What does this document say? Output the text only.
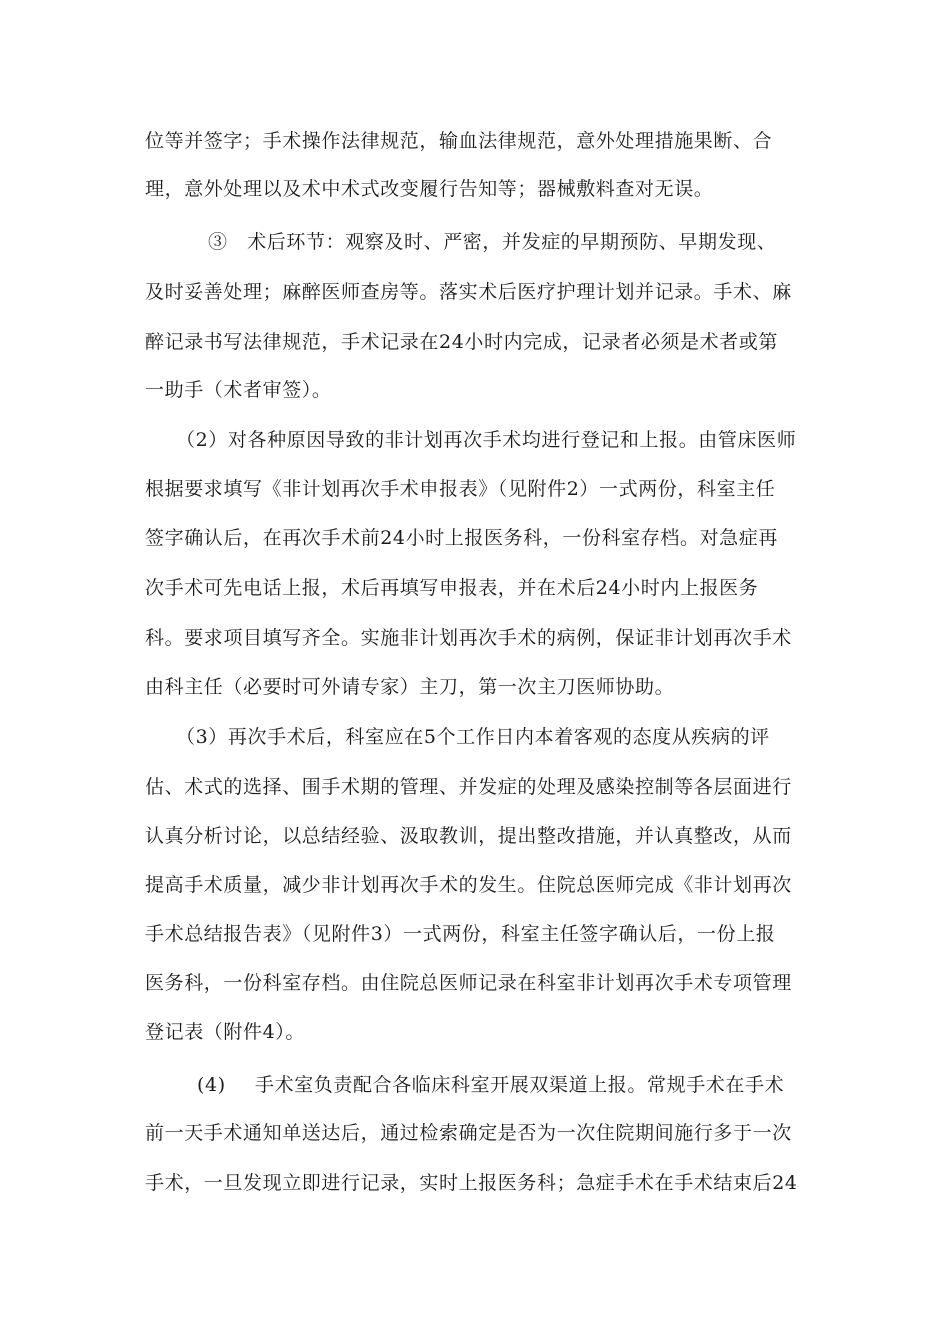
位等并签字；手术操作法律规范，输血法律规范，意外处理措施果断、合
理，意外处理以及术中术式改变履行告知等；器械敷料查对无误。
③　术后环节：观察及时、严密，并发症的早期预防、早期发现、
及时妥善处理；麻醉医师查房等。落实术后医疗护理计划并记录。手术、麻
醉记录书写法律规范，手术记录在24小时内完成，记录者必须是术者或第
一助手（术者审签）。
（2）对各种原因导致的非计划再次手术均进行登记和上报。由管床医师
根据要求填写《非计划再次手术申报表》（见附件2）一式两份，科室主任
签字确认后，在再次手术前24小时上报医务科，一份科室存档。对急症再
次手术可先电话上报，术后再填写申报表，并在术后24小时内上报医务
科。要求项目填写齐全。实施非计划再次手术的病例，保证非计划再次手术
由科主任（必要时可外请专家）主刀，第一次主刀医师协助。
（3）再次手术后，科室应在5个工作日内本着客观的态度从疾病的评
估、术式的选择、围手术期的管理、并发症的处理及感染控制等各层面进行
认真分析讨论，以总结经验、汲取教训，提出整改措施，并认真整改，从而
提高手术质量，减少非计划再次手术的发生。住院总医师完成《非计划再次
手术总结报告表》（见附件3）一式两份，科室主任签字确认后，一份上报
医务科，一份科室存档。由住院总医师记录在科室非计划再次手术专项管理
登记表（附件4）。
(4) 手术室负责配合各临床科室开展双渠道上报。常规手术在手术
前一天手术通知单送达后，通过检索确定是否为一次住院期间施行多于一次
手术，一旦发现立即进行记录，实时上报医务科；急症手术在手术结束后24
